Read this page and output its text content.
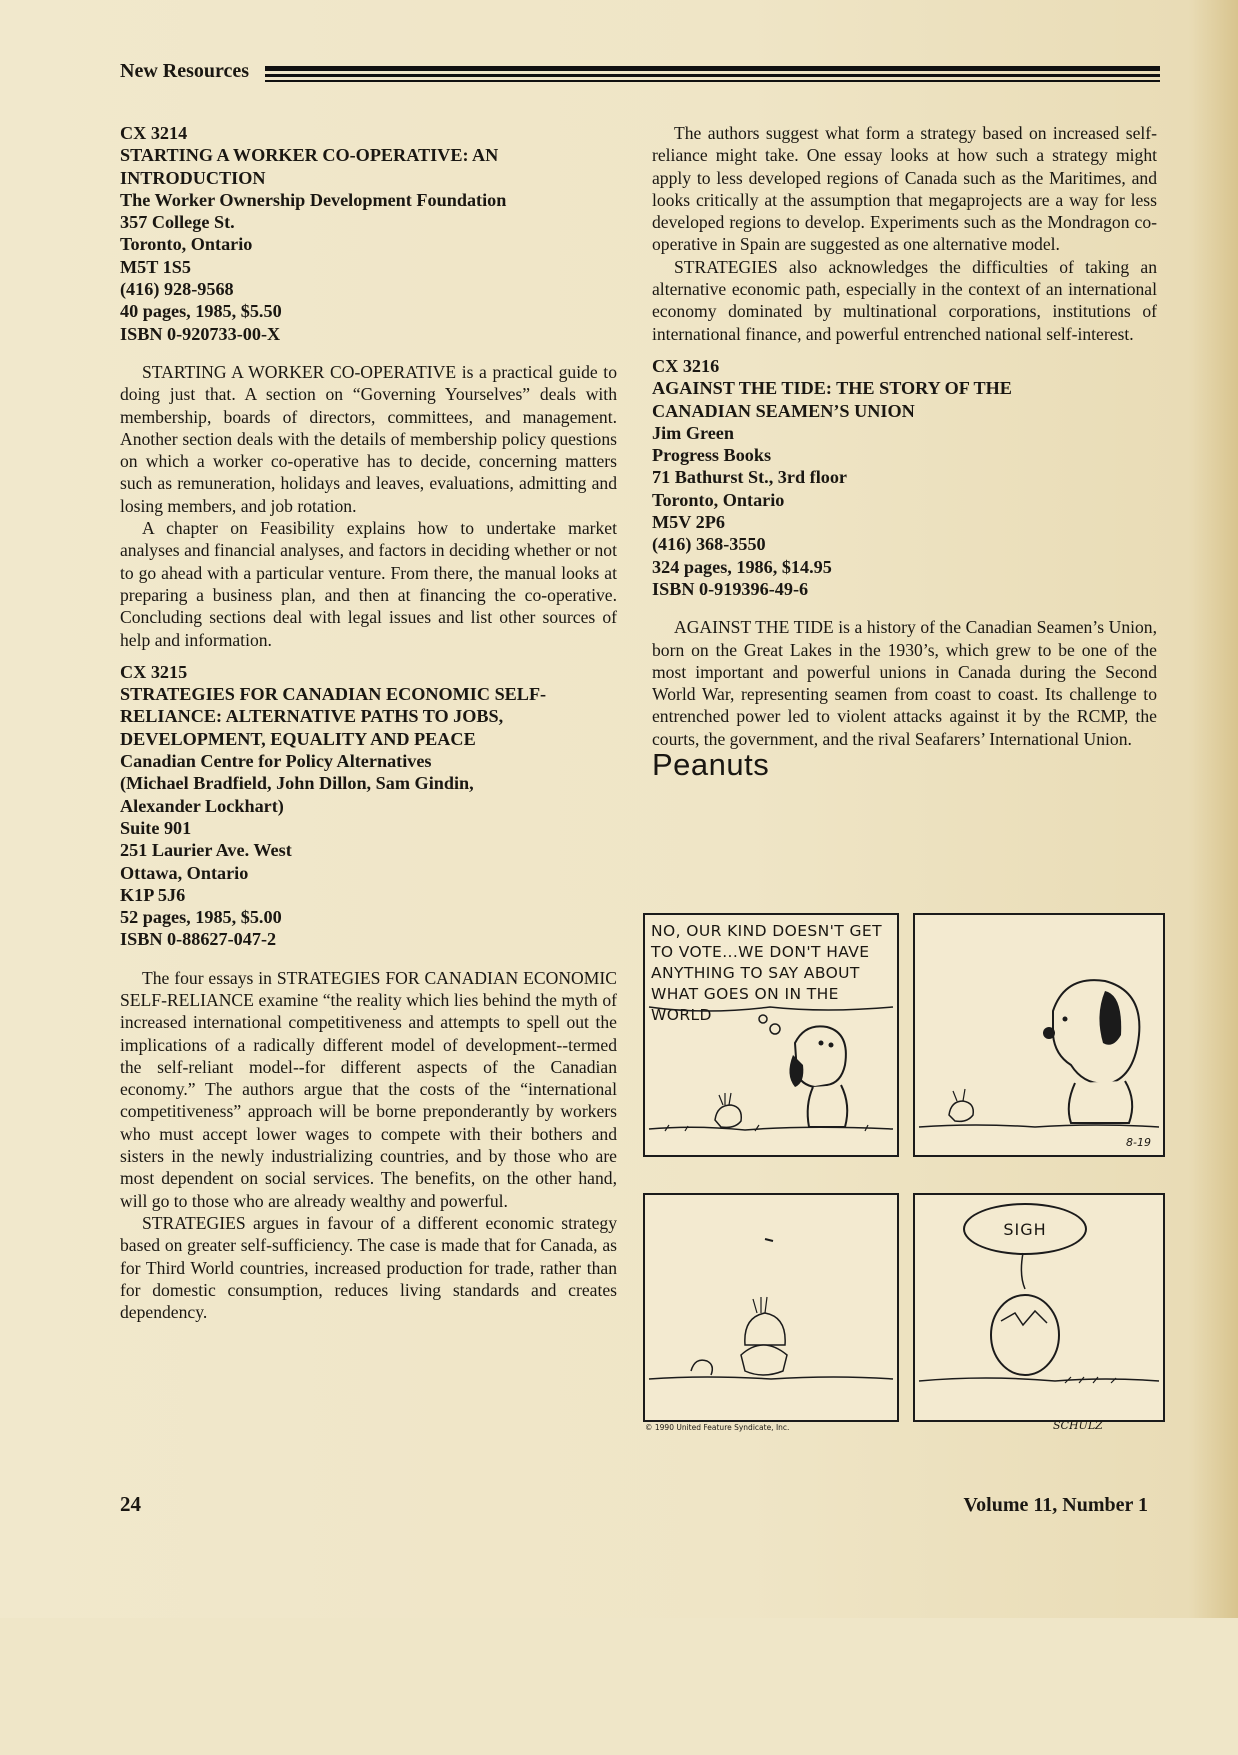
New Resources
CX 3214
STARTING A WORKER CO-OPERATIVE: AN
INTRODUCTION
The Worker Ownership Development Foundation
357 College St.
Toronto, Ontario
M5T 1S5
(416) 928-9568
40 pages, 1985, $5.50
ISBN 0-920733-00-X

STARTING A WORKER CO-OPERATIVE is a practical guide to doing just that. A section on “Governing Yourselves” deals with membership, boards of directors, committees, and management. Another section deals with the details of membership policy questions on which a worker co-operative has to decide, concerning matters such as remuneration, holidays and leaves, evaluations, admitting and losing members, and job rotation.

A chapter on Feasibility explains how to undertake market analyses and financial analyses, and factors in deciding whether or not to go ahead with a particular venture. From there, the manual looks at preparing a business plan, and then at financing the co-operative. Concluding sections deal with legal issues and list other sources of help and information.

CX 3215
STRATEGIES FOR CANADIAN ECONOMIC SELF-
RELIANCE: ALTERNATIVE PATHS TO JOBS,
DEVELOPMENT, EQUALITY AND PEACE
Canadian Centre for Policy Alternatives
(Michael Bradfield, John Dillon, Sam Gindin,
Alexander Lockhart)
Suite 901
251 Laurier Ave. West
Ottawa, Ontario
K1P 5J6
52 pages, 1985, $5.00
ISBN 0-88627-047-2

The four essays in STRATEGIES FOR CANADIAN ECONOMIC SELF-RELIANCE examine “the reality which lies behind the myth of increased international competitiveness and attempts to spell out the implications of a radically different model of development--termed the self-reliant model--for different aspects of the Canadian economy.” The authors argue that the costs of the “international competitiveness” approach will be borne preponderantly by workers who must accept lower wages to compete with their bothers and sisters in the newly industrializing countries, and by those who are most dependent on social services. The benefits, on the other hand, will go to those who are already wealthy and powerful.

STRATEGIES argues in favour of a different economic strategy based on greater self-sufficiency. The case is made that for Canada, as for Third World countries, increased production for trade, rather than for domestic consumption, reduces living standards and creates dependency.

The authors suggest what form a strategy based on increased self-reliance might take. One essay looks at how such a strategy might apply to less developed regions of Canada such as the Maritimes, and looks critically at the assumption that megaprojects are a way for less developed regions to develop. Experiments such as the Mondragon co-operative in Spain are suggested as one alternative model.

STRATEGIES also acknowledges the difficulties of taking an alternative economic path, especially in the context of an international economy dominated by multinational corporations, institutions of international finance, and powerful entrenched national self-interest.

CX 3216
AGAINST THE TIDE: THE STORY OF THE
CANADIAN SEAMEN’S UNION
Jim Green
Progress Books
71 Bathurst St., 3rd floor
Toronto, Ontario
M5V 2P6
(416) 368-3550
324 pages, 1986, $14.95
ISBN 0-919396-49-6

AGAINST THE TIDE is a history of the Canadian Seamen’s Union, born on the Great Lakes in the 1930’s, which grew to be one of the most important and powerful unions in Canada during the Second World War, representing seamen from coast to coast. Its challenge to entrenched power led to violent attacks against it by the RCMP, the courts, the government, and the rival Seafarers’ International Union.

Peanuts
NO, OUR KIND DOESN'T GET TO VOTE...WE DON'T HAVE ANYTHING TO SAY ABOUT WHAT GOES ON IN THE WORLD
8-19
SIGH
© 1990 United Feature Syndicate, Inc.	SCHULZ
24	Volume 11, Number 1
